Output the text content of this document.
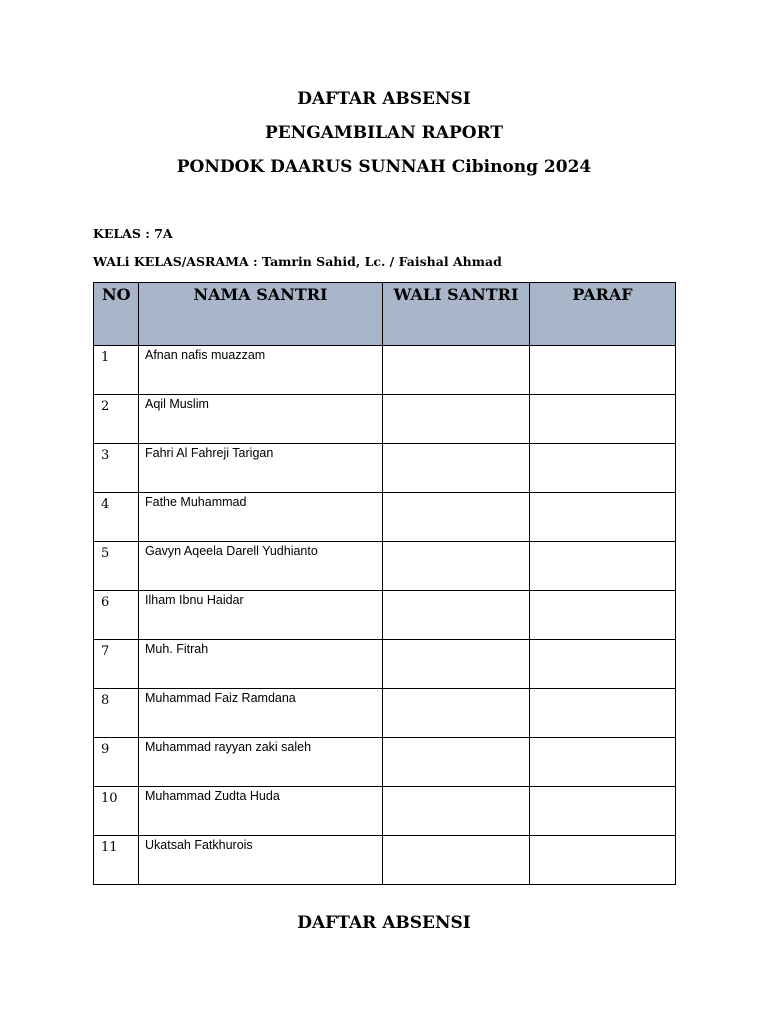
DAFTAR ABSENSI
PENGAMBILAN RAPORT
PONDOK DAARUS SUNNAH Cibinong 2024
KELAS : 7A
WALi KELAS/ASRAMA : Tamrin Sahid, Lc. / Faishal Ahmad
NO	NAMA SANTRI	WALI SANTRI	PARAF
1	Afnan nafis muazzam		
2	Aqil Muslim		
3	Fahri Al Fahreji Tarigan		
4	Fathe Muhammad		
5	Gavyn Aqeela Darell Yudhianto		
6	Ilham Ibnu Haidar		
7	Muh. Fitrah		
8	Muhammad Faiz Ramdana		
9	Muhammad rayyan zaki saleh		
10	Muhammad Zudta Huda		
11	Ukatsah Fatkhurois		
DAFTAR ABSENSI
